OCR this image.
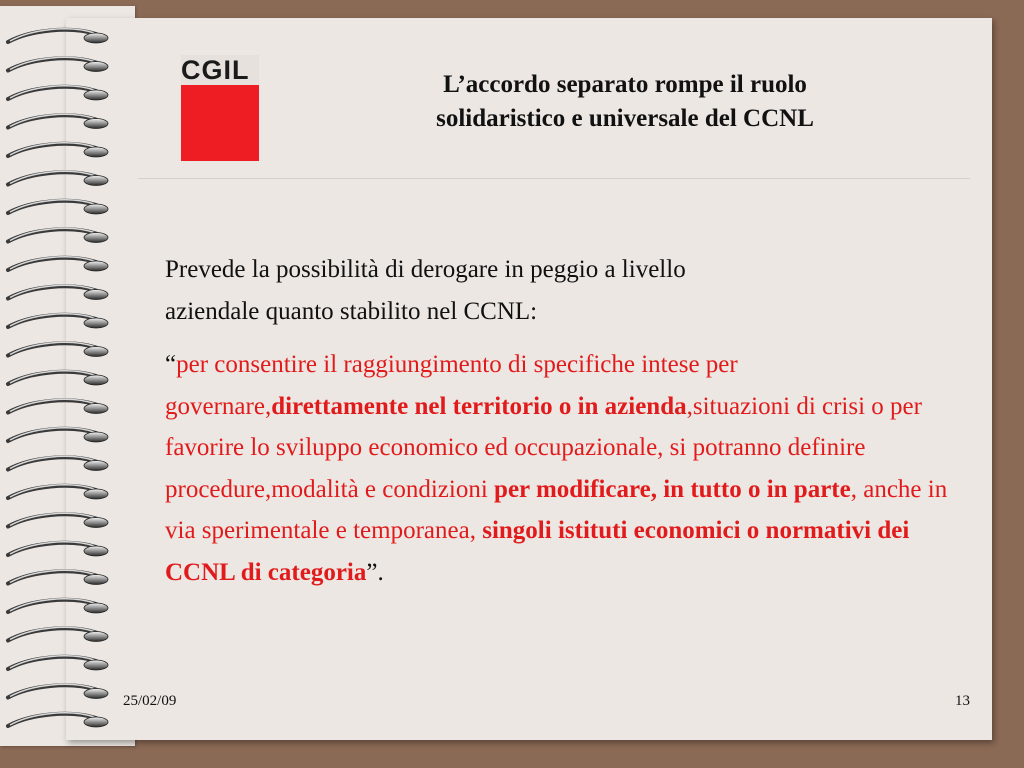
CGIL	L’accordo separato rompe il ruolo
solidaristico e universale del CCNL

Prevede la possibilità di derogare in peggio a livello
aziendale quanto stabilito nel CCNL:

“per consentire il raggiungimento di specifiche intese per governare,direttamente nel territorio o in azienda,situazioni di crisi o per favorire lo sviluppo economico ed occupazionale, si potranno definire procedure,modalità e condizioni per modificare, in tutto o in parte, anche in via sperimentale e temporanea, singoli istituti economici o normativi dei CCNL di categoria”.

25/02/09	13
